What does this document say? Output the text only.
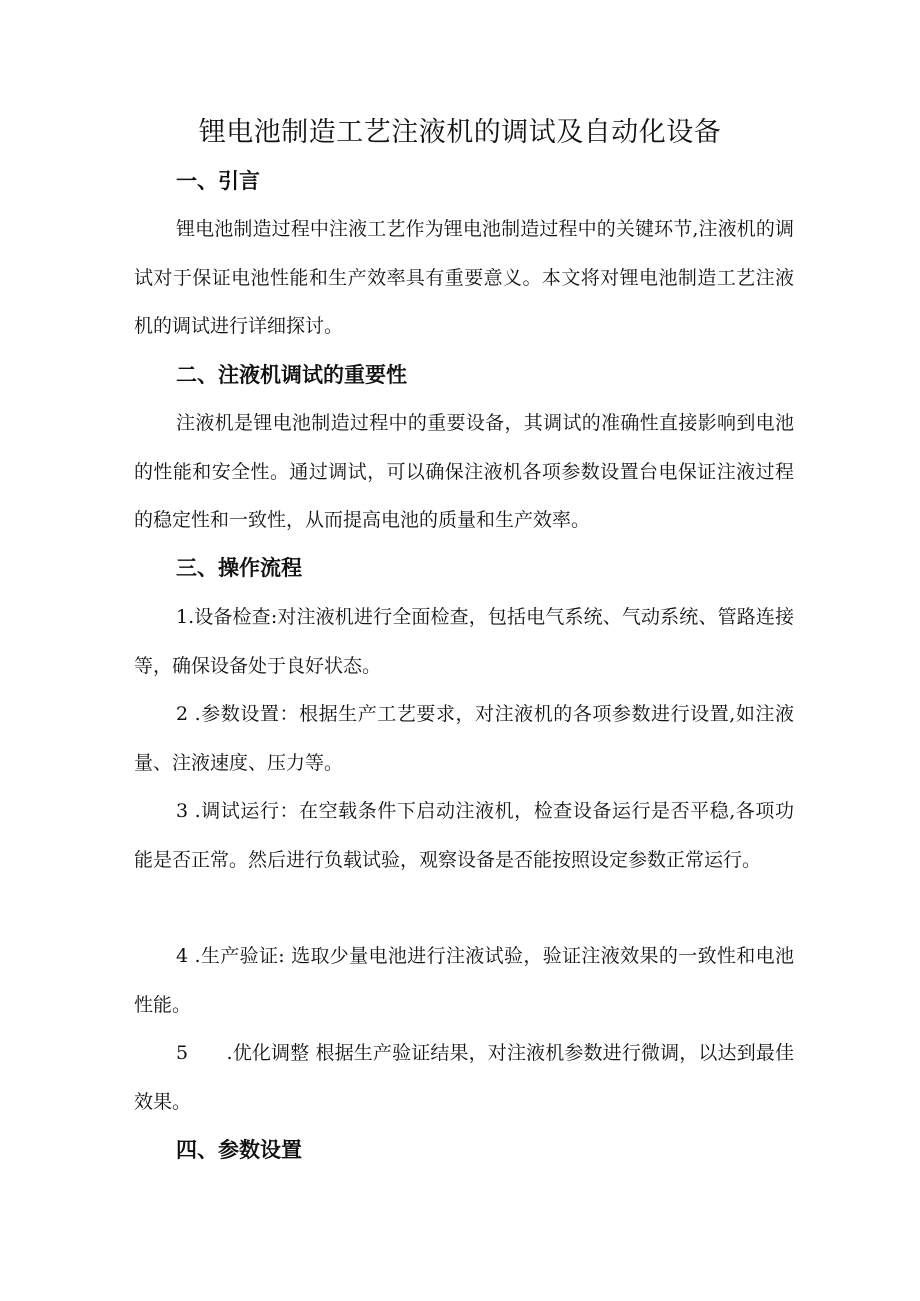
锂电池制造工艺注液机的调试及自动化设备
一、引言

锂电池制造过程中注液工艺作为锂电池制造过程中的关键环节,注液机的调试对于保证电池性能和生产效率具有重要意义。本文将对锂电池制造工艺注液机的调试进行详细探讨。

二、注液机调试的重要性

注液机是锂电池制造过程中的重要设备，其调试的准确性直接影响到电池的性能和安全性。通过调试，可以确保注液机各项参数设置台电保证注液过程的稳定性和一致性，从而提高电池的质量和生产效率。

三、操作流程

1.设备检查:对注液机进行全面检查，包括电气系统、气动系统、管路连接等，确保设备处于良好状态。

2 .参数设置：根据生产工艺要求，对注液机的各项参数进行设置,如注液量、注液速度、压力等。

3 .调试运行：在空载条件下启动注液机，检查设备运行是否平稳,各项功能是否正常。然后进行负载试验，观察设备是否能按照设定参数正常运行。

4 .生产验证: 选取少量电池进行注液试验，验证注液效果的一致性和电池性能。

5　　.优化调整 根据生产验证结果，对注液机参数进行微调，以达到最佳效果。

四、参数设置
